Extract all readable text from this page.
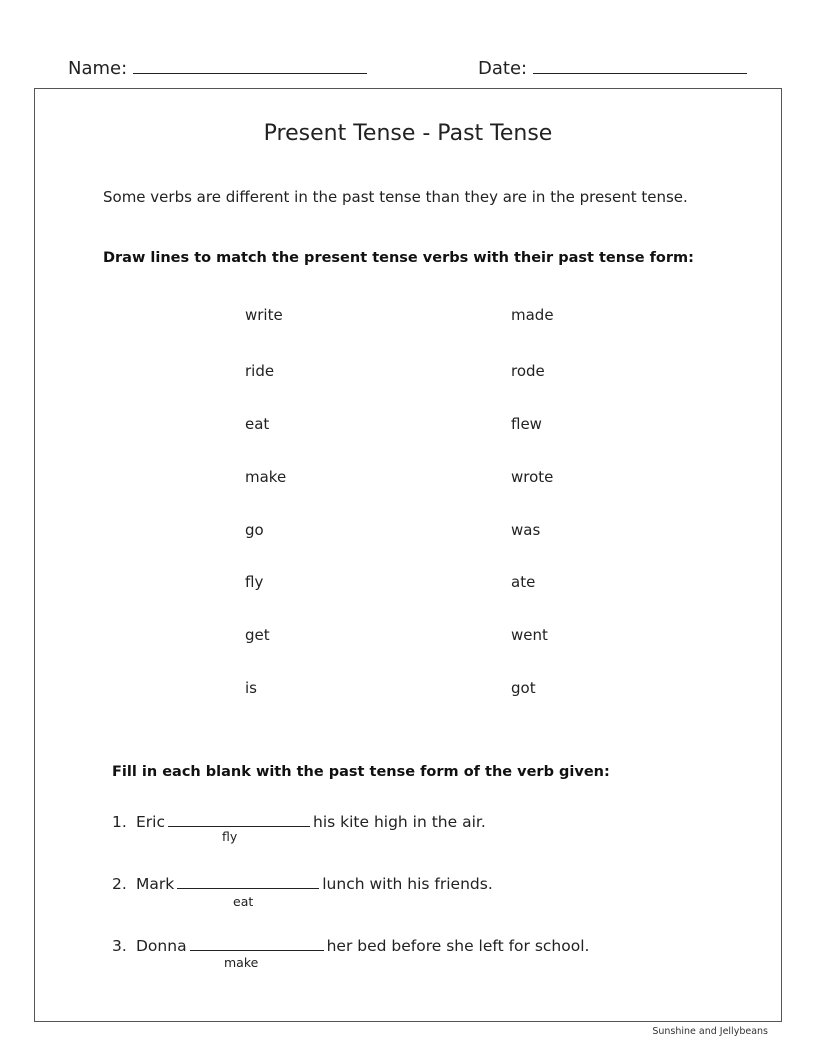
Name:	Date:
Present Tense - Past Tense
Some verbs are different in the past tense than they are in the present tense.
Draw lines to match the present tense verbs with their past tense form:
write
ride
eat
make
go
fly
get
is
made
rode
flew
wrote
was
ate
went
got
Fill in each blank with the past tense form of the verb given:
1. Eric	his kite high in the air.
fly
2. Mark	lunch with his friends.
eat
3. Donna	her bed before she left for school.
make
Sunshine and Jellybeans
